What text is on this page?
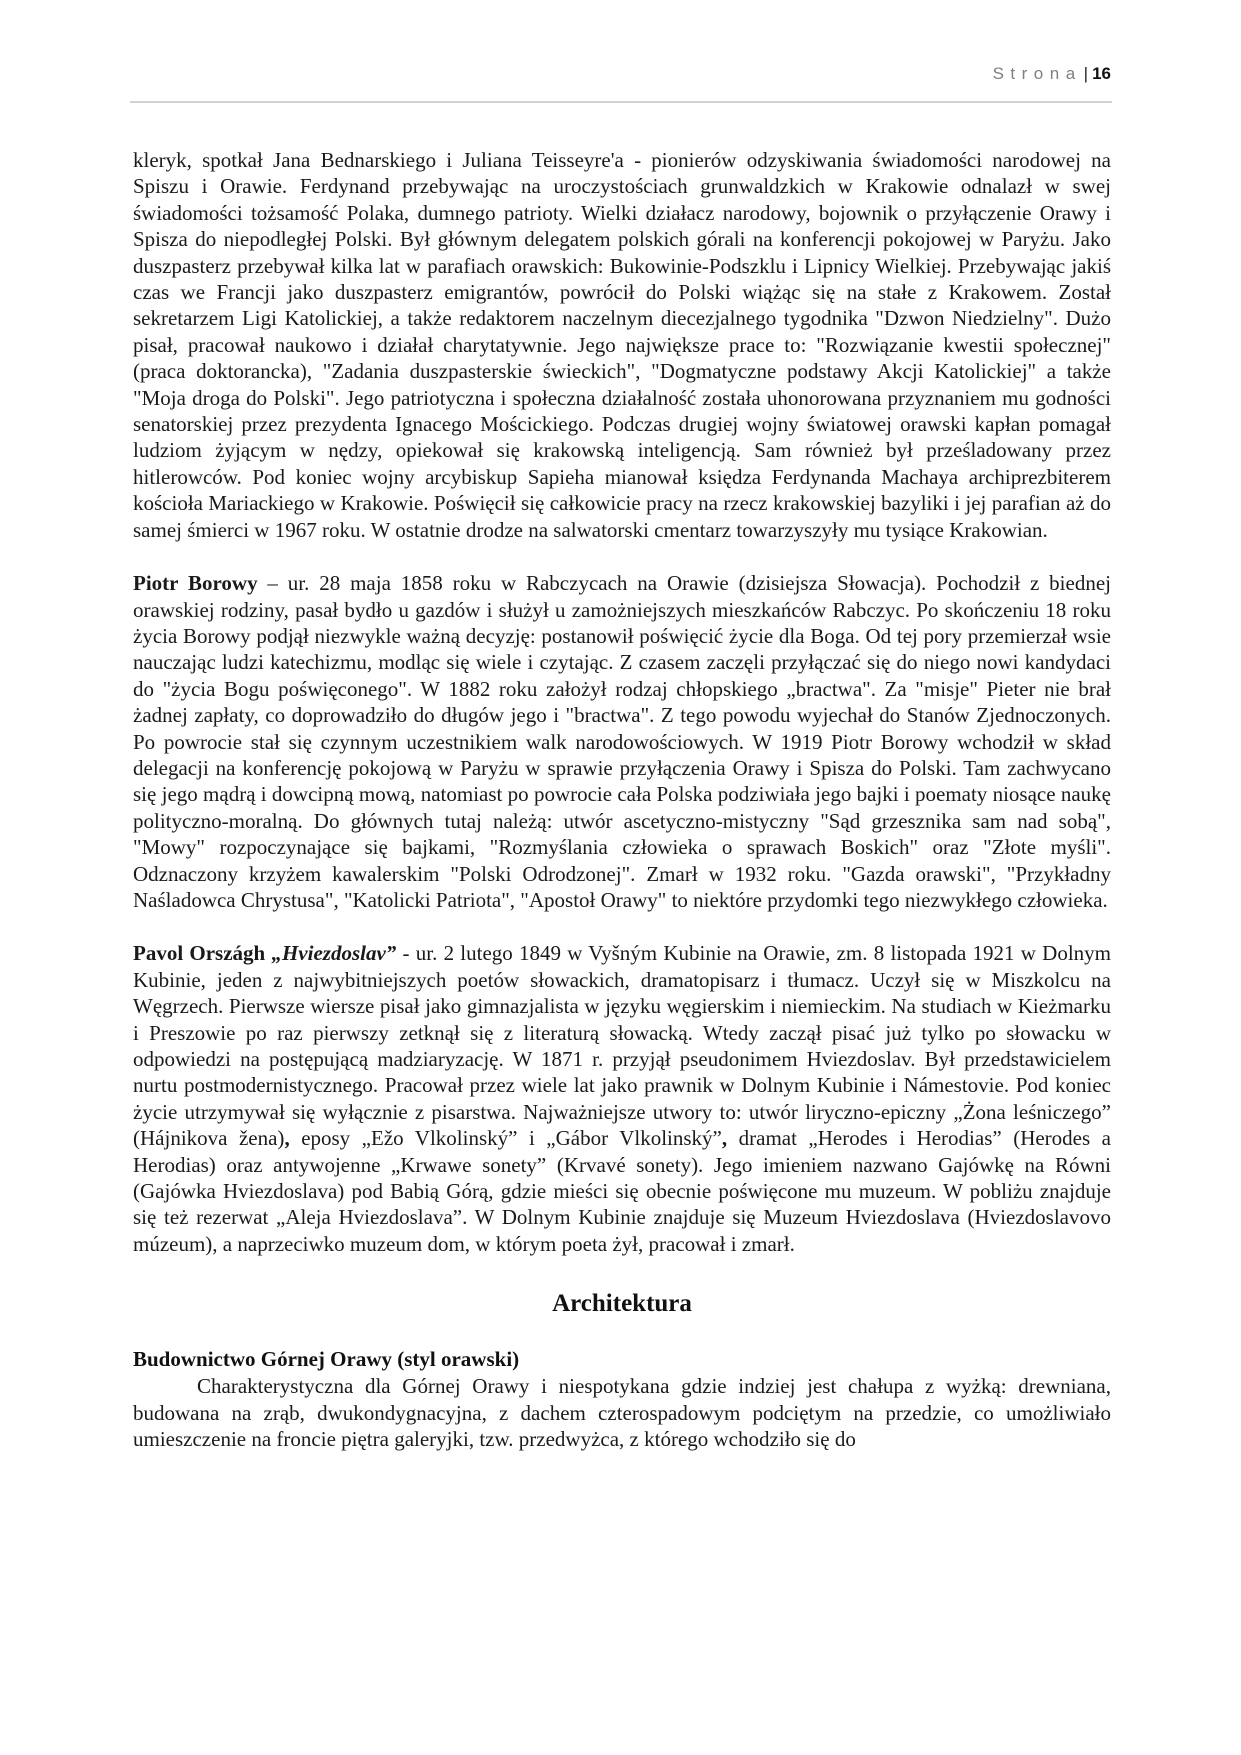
Strona | 16

kleryk, spotkał Jana Bednarskiego i Juliana Teisseyre'a - pionierów odzyskiwania świadomości narodowej na Spiszu i Orawie. Ferdynand przebywając na uroczystościach grunwaldzkich w Krakowie odnalazł w swej świadomości tożsamość Polaka, dumnego patrioty. Wielki działacz narodowy, bojownik o przyłączenie Orawy i Spisza do niepodległej Polski. Był głównym delegatem polskich górali na konferencji pokojowej w Paryżu. Jako duszpasterz przebywał kilka lat w parafiach orawskich: Bukowinie-Podszklu i Lipnicy Wielkiej. Przebywając jakiś czas we Francji jako duszpasterz emigrantów, powrócił do Polski wiążąc się na stałe z Krakowem. Został sekretarzem Ligi Katolickiej, a także redaktorem naczelnym diecezjalnego tygodnika "Dzwon Niedzielny". Dużo pisał, pracował naukowo i działał charytatywnie. Jego największe prace to: "Rozwiązanie kwestii społecznej" (praca doktorancka), "Zadania duszpasterskie świeckich", "Dogmatyczne podstawy Akcji Katolickiej" a także "Moja droga do Polski". Jego patriotyczna i społeczna działalność została uhonorowana przyznaniem mu godności senatorskiej przez prezydenta Ignacego Mościckiego. Podczas drugiej wojny światowej orawski kapłan pomagał ludziom żyjącym w nędzy, opiekował się krakowską inteligencją. Sam również był prześladowany przez hitlerowców. Pod koniec wojny arcybiskup Sapieha mianował księdza Ferdynanda Machaya archiprezbiterem kościoła Mariackiego w Krakowie. Poświęcił się całkowicie pracy na rzecz krakowskiej bazyliki i jej parafian aż do samej śmierci w 1967 roku. W ostatnie drodze na salwatorski cmentarz towarzyszyły mu tysiące Krakowian.

Piotr Borowy – ur. 28 maja 1858 roku w Rabczycach na Orawie (dzisiejsza Słowacja). Pochodził z biednej orawskiej rodziny, pasał bydło u gazdów i służył u zamożniejszych mieszkańców Rabczyc. Po skończeniu 18 roku życia Borowy podjął niezwykle ważną decyzję: postanowił poświęcić życie dla Boga. Od tej pory przemierzał wsie nauczając ludzi katechizmu, modląc się wiele i czytając. Z czasem zaczęli przyłączać się do niego nowi kandydaci do "życia Bogu poświęconego". W 1882 roku założył rodzaj chłopskiego „bractwa". Za "misje" Pieter nie brał żadnej zapłaty, co doprowadziło do długów jego i "bractwa". Z tego powodu wyjechał do Stanów Zjednoczonych. Po powrocie stał się czynnym uczestnikiem walk narodowościowych. W 1919 Piotr Borowy wchodził w skład delegacji na konferencję pokojową w Paryżu w sprawie przyłączenia Orawy i Spisza do Polski. Tam zachwycano się jego mądrą i dowcipną mową, natomiast po powrocie cała Polska podziwiała jego bajki i poematy niosące naukę polityczno-moralną. Do głównych tutaj należą: utwór ascetyczno-mistyczny "Sąd grzesznika sam nad sobą", "Mowy" rozpoczynające się bajkami, "Rozmyślania człowieka o sprawach Boskich" oraz "Złote myśli". Odznaczony krzyżem kawalerskim "Polski Odrodzonej". Zmarł w 1932 roku. "Gazda orawski", "Przykładny Naśladowca Chrystusa", "Katolicki Patriota", "Apostoł Orawy" to niektóre przydomki tego niezwykłego człowieka.

Pavol Országh „Hviezdoslav” - ur. 2 lutego 1849 w Vyšným Kubinie na Orawie, zm. 8 listopada 1921 w Dolnym Kubinie, jeden z najwybitniejszych poetów słowackich, dramatopisarz i tłumacz. Uczył się w Miszkolcu na Węgrzech. Pierwsze wiersze pisał jako gimnazjalista w języku węgierskim i niemieckim. Na studiach w Kieżmarku i Preszowie po raz pierwszy zetknął się z literaturą słowacką. Wtedy zaczął pisać już tylko po słowacku w odpowiedzi na postępującą madziaryzację. W 1871 r. przyjął pseudonimem Hviezdoslav. Był przedstawicielem nurtu postmodernistycznego. Pracował przez wiele lat jako prawnik w Dolnym Kubinie i Námestovie. Pod koniec życie utrzymywał się wyłącznie z pisarstwa. Najważniejsze utwory to: utwór liryczno-epiczny „Żona leśniczego” (Hájnikova žena), eposy „Ežo Vlkolinský” i „Gábor Vlkolinský”, dramat „Herodes i Herodias” (Herodes a Herodias) oraz antywojenne „Krwawe sonety” (Krvavé sonety). Jego imieniem nazwano Gajówkę na Równi (Gajówka Hviezdoslava) pod Babią Górą, gdzie mieści się obecnie poświęcone mu muzeum. W pobliżu znajduje się też rezerwat „Aleja Hviezdoslava”. W Dolnym Kubinie znajduje się Muzeum Hviezdoslava (Hviezdoslavovo múzeum), a naprzeciwko muzeum dom, w którym poeta żył, pracował i zmarł.

Architektura
Budownictwo Górnej Orawy (styl orawski)

Charakterystyczna dla Górnej Orawy i niespotykana gdzie indziej jest chałupa z wyżką: drewniana, budowana na zrąb, dwukondygnacyjna, z dachem czterospadowym podciętym na przedzie, co umożliwiało umieszczenie na froncie piętra galeryjki, tzw. przedwyżca, z którego wchodziło się do
